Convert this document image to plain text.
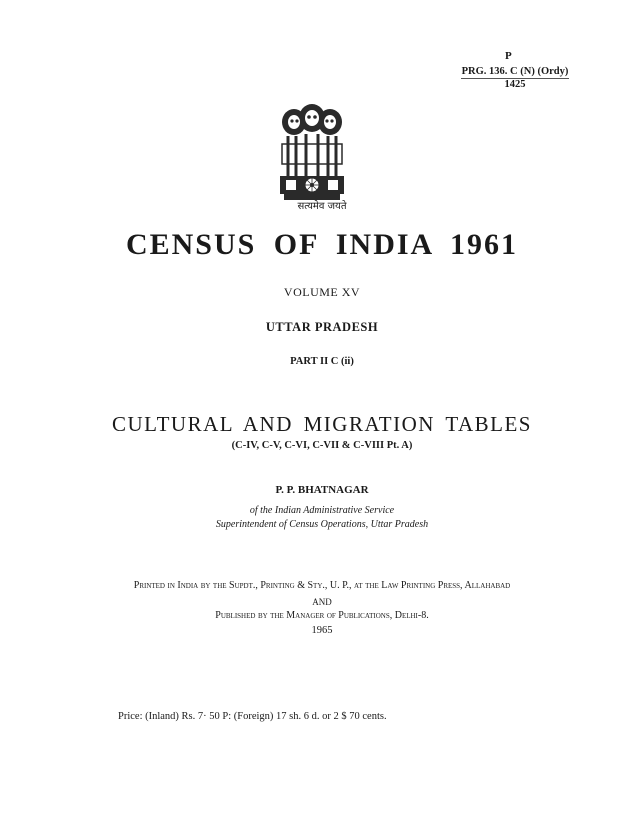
P
PRG. 136. C (N) (Ordy)
1425
सत्यमेव जयते
CENSUS OF INDIA 1961
VOLUME XV
UTTAR PRADESH
PART II C (ii)
CULTURAL AND MIGRATION TABLES
(C-IV, C-V, C-VI, C-VII & C-VIII Pt. A)
P. P. BHATNAGAR
of the Indian Administrative Service
Superintendent of Census Operations, Uttar Pradesh
Printed in India by the Supdt., Printing & Sty., U. P., at the Law Printing Press, Allahabad
AND
Published by the Manager of Publications, Delhi-8.
1965
Price: (Inland) Rs. 7· 50 P: (Foreign) 17 sh. 6 d. or 2 $ 70 cents.
